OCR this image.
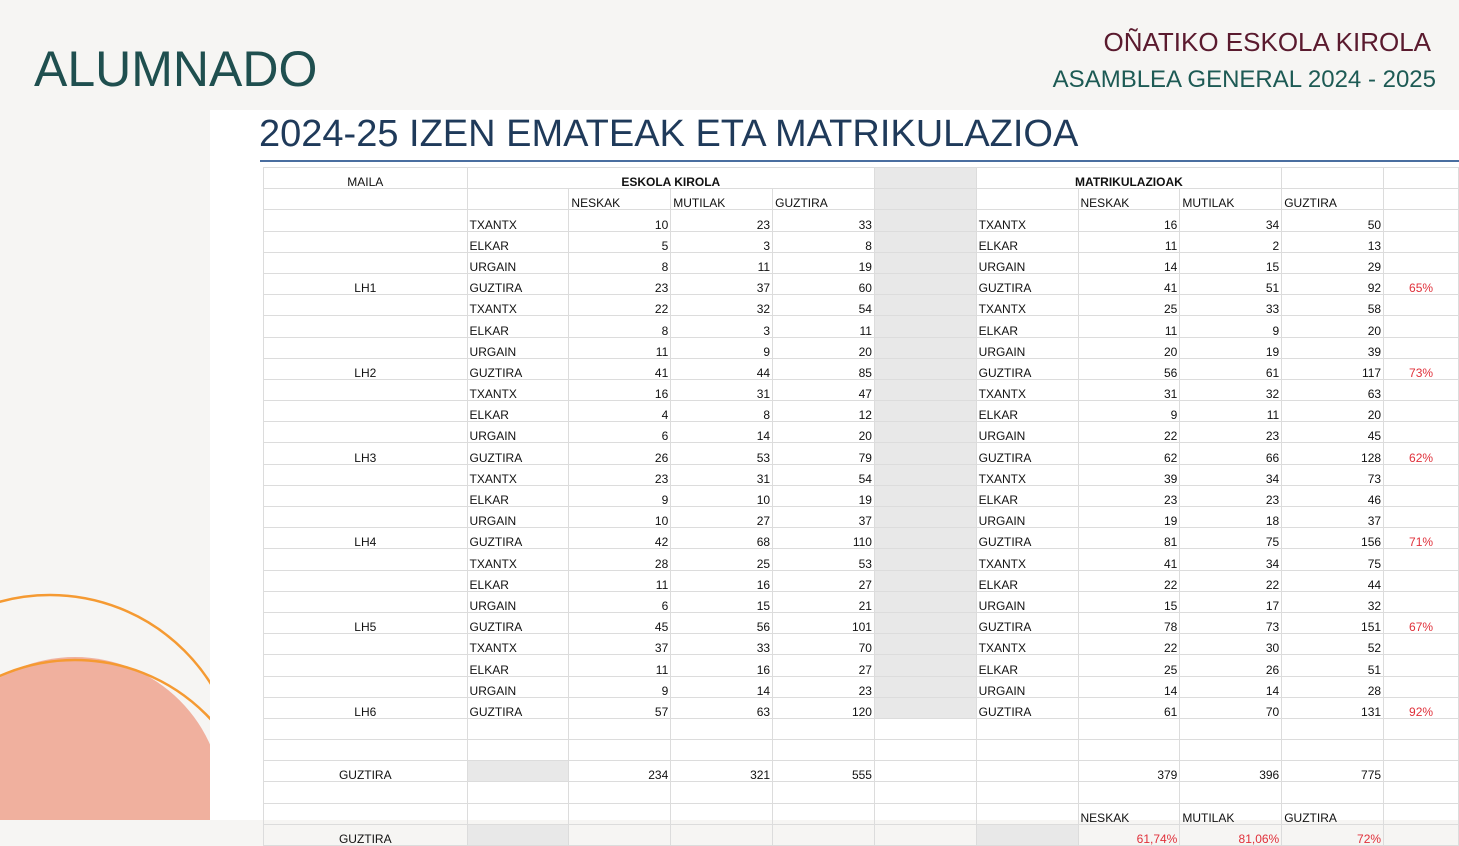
ALUMNADO	OÑATIKO ESKOLA KIROLA
ASAMBLEA GENERAL 2024 - 2025
2024-25 IZEN EMATEAK ETA MATRIKULAZIOA
MAILA	ESKOLA KIROLA					MATRIKULAZIOAK				
		NESKAK	MUTILAK	GUZTIRA			NESKAK	MUTILAK	GUZTIRA	
	TXANTX	10	23	33		TXANTX	16	34	50	
	ELKAR	5	3	8		ELKAR	11	2	13	
	URGAIN	8	11	19		URGAIN	14	15	29	
LH1	GUZTIRA	23	37	60		GUZTIRA	41	51	92	65%
	TXANTX	22	32	54		TXANTX	25	33	58	
	ELKAR	8	3	11		ELKAR	11	9	20	
	URGAIN	11	9	20		URGAIN	20	19	39	
LH2	GUZTIRA	41	44	85		GUZTIRA	56	61	117	73%
	TXANTX	16	31	47		TXANTX	31	32	63	
	ELKAR	4	8	12		ELKAR	9	11	20	
	URGAIN	6	14	20		URGAIN	22	23	45	
LH3	GUZTIRA	26	53	79		GUZTIRA	62	66	128	62%
	TXANTX	23	31	54		TXANTX	39	34	73	
	ELKAR	9	10	19		ELKAR	23	23	46	
	URGAIN	10	27	37		URGAIN	19	18	37	
LH4	GUZTIRA	42	68	110		GUZTIRA	81	75	156	71%
	TXANTX	28	25	53		TXANTX	41	34	75	
	ELKAR	11	16	27		ELKAR	22	22	44	
	URGAIN	6	15	21		URGAIN	15	17	32	
LH5	GUZTIRA	45	56	101		GUZTIRA	78	73	151	67%
	TXANTX	37	33	70		TXANTX	22	30	52	
	ELKAR	11	16	27		ELKAR	25	26	51	
	URGAIN	9	14	23		URGAIN	14	14	28	
LH6	GUZTIRA	57	63	120		GUZTIRA	61	70	131	92%

GUZTIRA		234	321	555			379	396	775	

							NESKAK	MUTILAK	GUZTIRA	
GUZTIRA							61,74%	81,06%	72%	
